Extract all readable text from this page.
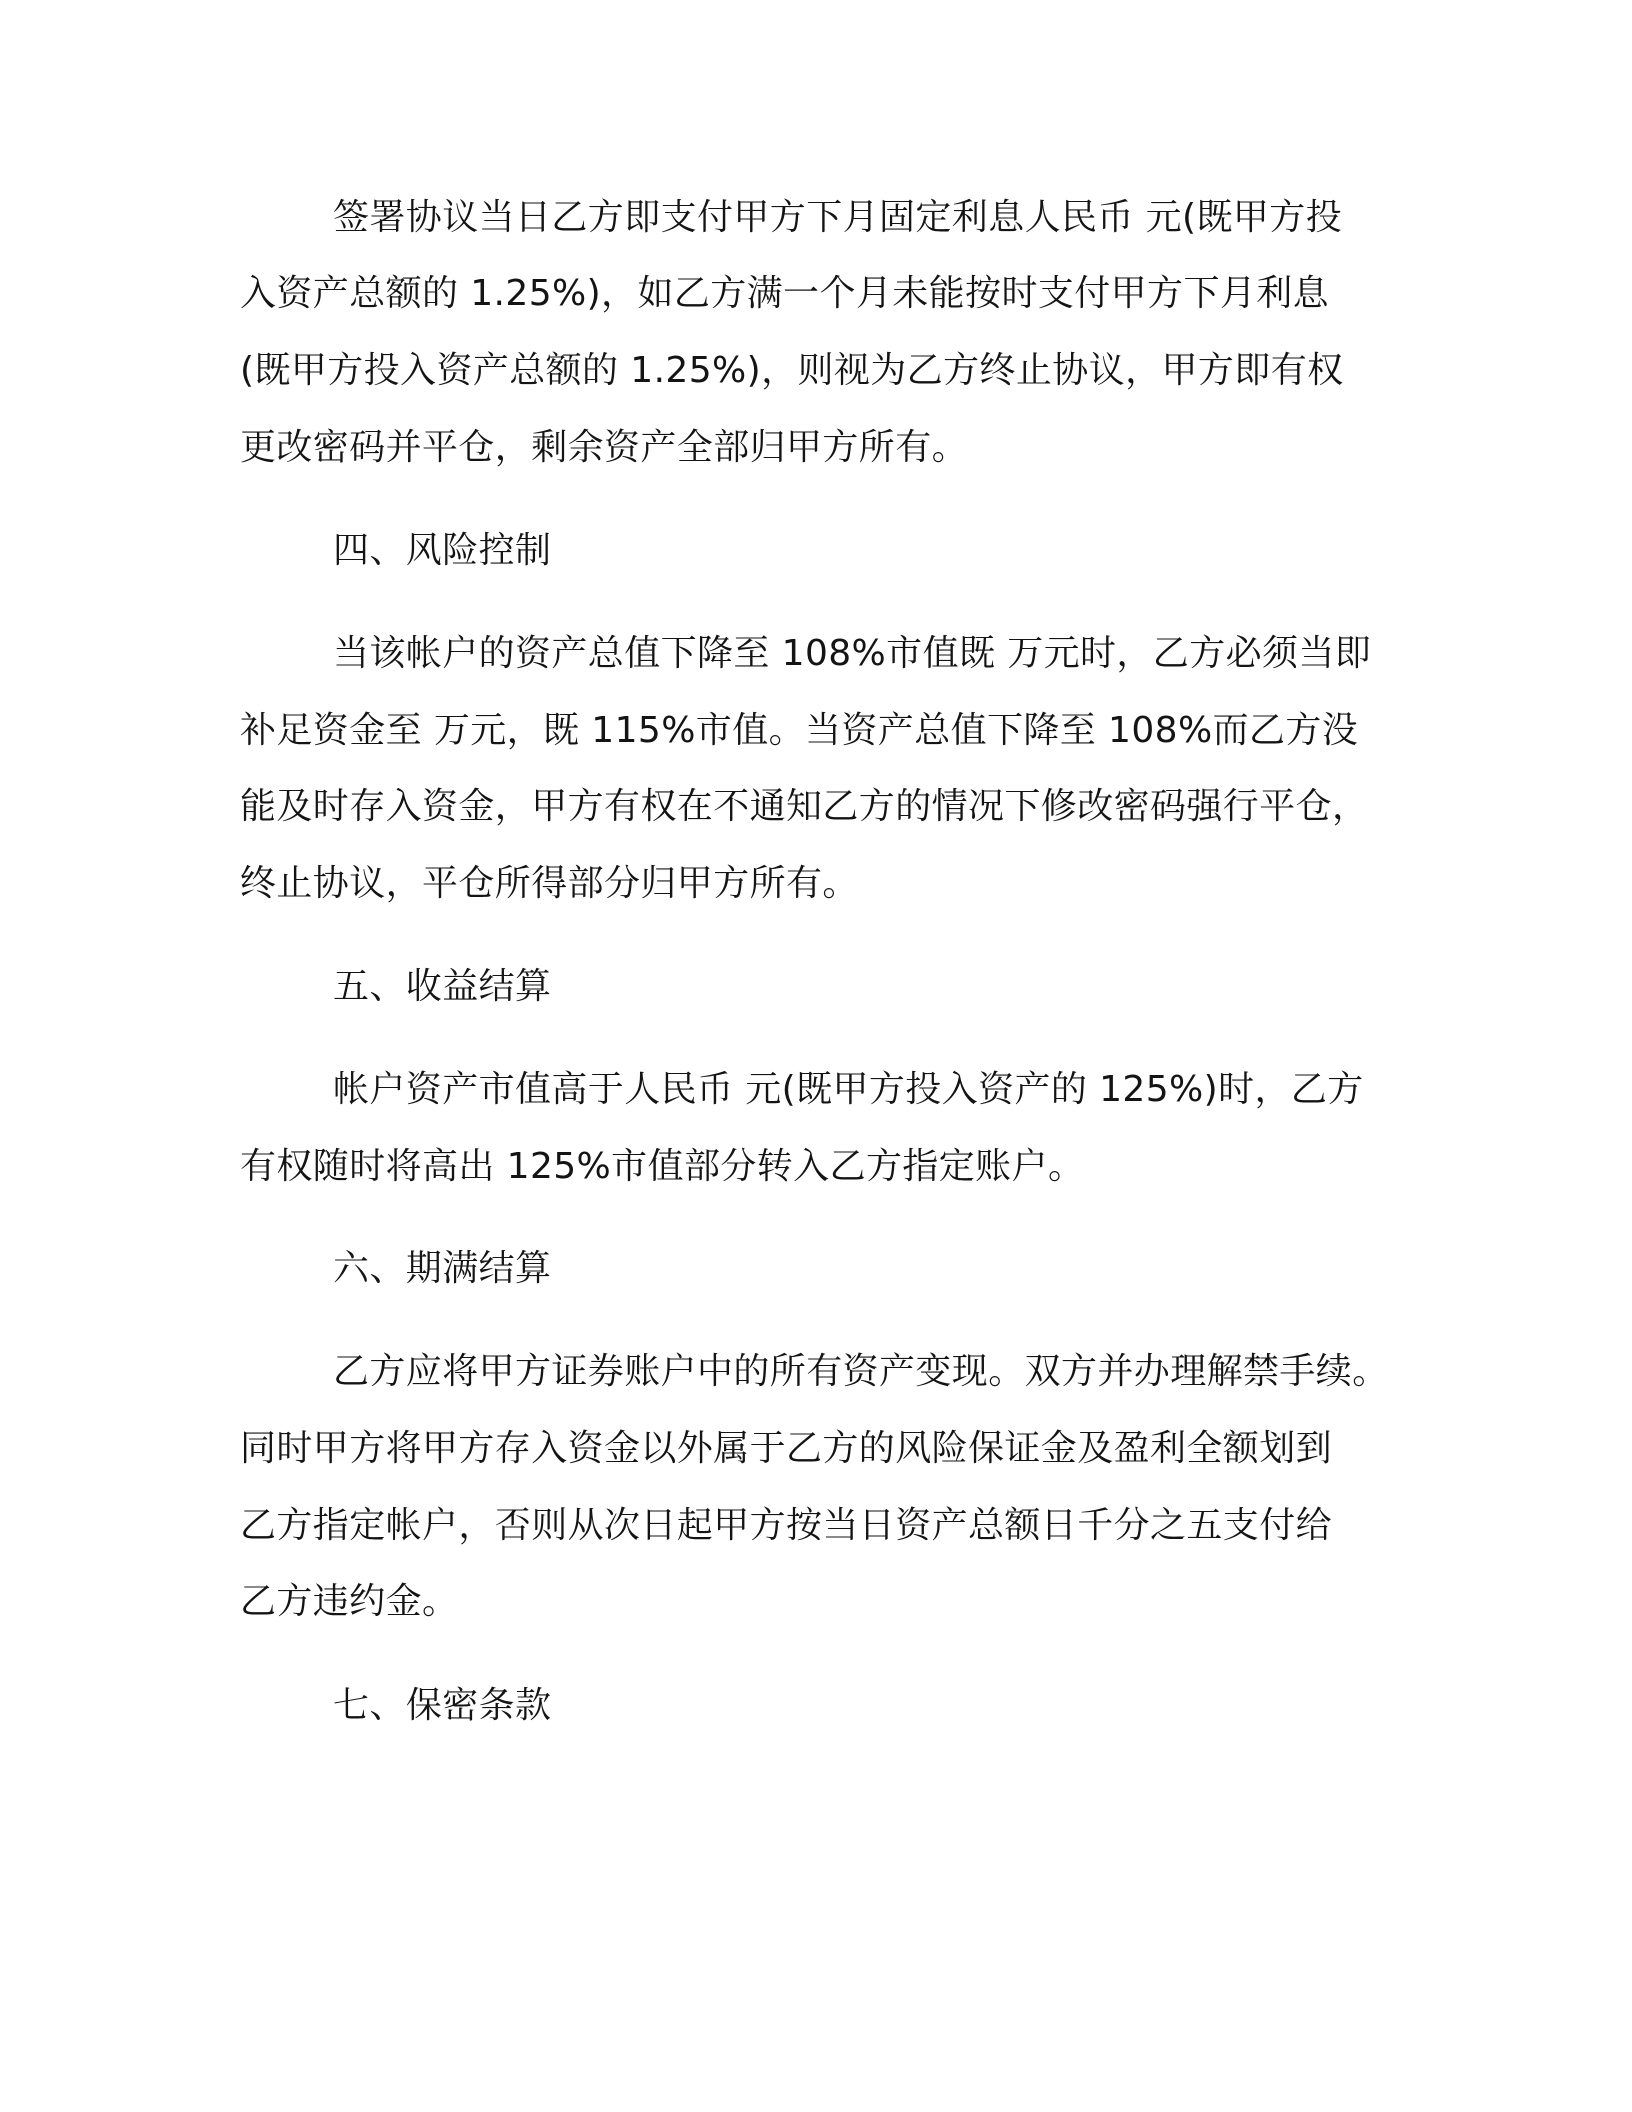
签署协议当日乙方即支付甲方下月固定利息人民币 元(既甲方投
入资产总额的 1.25%)，如乙方满一个月未能按时支付甲方下月利息
(既甲方投入资产总额的 1.25%)，则视为乙方终止协议，甲方即有权
更改密码并平仓，剩余资产全部归甲方所有。
四、风险控制
当该帐户的资产总值下降至 108%市值既 万元时，乙方必须当即
补足资金至 万元，既 115%市值。当资产总值下降至 108%而乙方没
能及时存入资金，甲方有权在不通知乙方的情况下修改密码强行平仓，
终止协议，平仓所得部分归甲方所有。
五、收益结算
帐户资产市值高于人民币 元(既甲方投入资产的 125%)时，乙方
有权随时将高出 125%市值部分转入乙方指定账户。
六、期满结算
乙方应将甲方证券账户中的所有资产变现。双方并办理解禁手续。
同时甲方将甲方存入资金以外属于乙方的风险保证金及盈利全额划到
乙方指定帐户，否则从次日起甲方按当日资产总额日千分之五支付给
乙方违约金。
七、保密条款
